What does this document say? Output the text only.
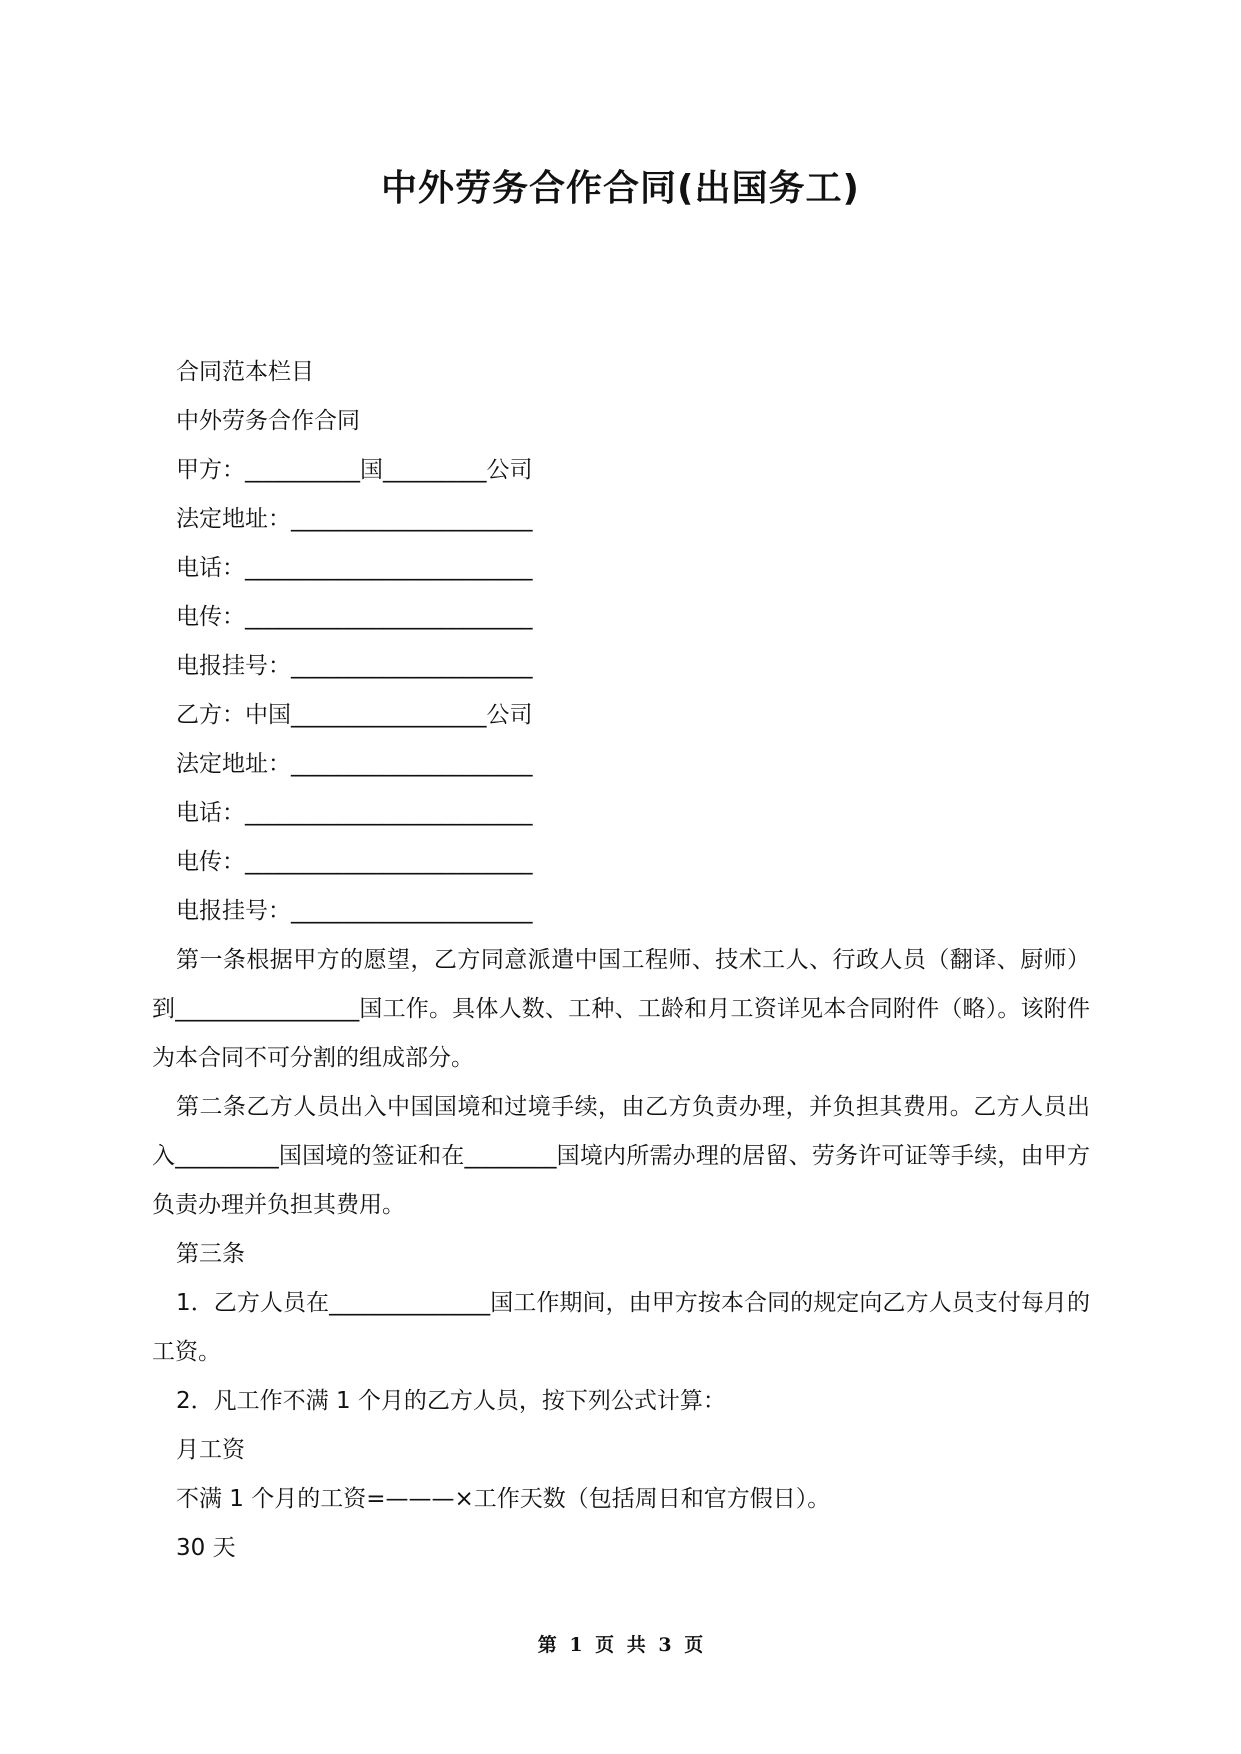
中外劳务合作合同(出国务工)
合同范本栏目
中外劳务合作合同
甲方：__________国_________公司
法定地址：_____________________
电话：_________________________
电传：_________________________
电报挂号：_____________________
乙方：中国_________________公司
法定地址：_____________________
电话：_________________________
电传：_________________________
电报挂号：_____________________

第一条根据甲方的愿望，乙方同意派遣中国工程师、技术工人、行政人员（翻译、厨师）到________________国工作。具体人数、工种、工龄和月工资详见本合同附件（略）。该附件为本合同不可分割的组成部分。

第二条乙方人员出入中国国境和过境手续，由乙方负责办理，并负担其费用。乙方人员出入_________国国境的签证和在________国境内所需办理的居留、劳务许可证等手续，由甲方负责办理并负担其费用。

第三条

1．乙方人员在______________国工作期间，由甲方按本合同的规定向乙方人员支付每月的工资。

2．凡工作不满 1 个月的乙方人员，按下列公式计算：

月工资

不满 1 个月的工资=———×工作天数（包括周日和官方假日）。

30 天

第 1 页 共 3 页
